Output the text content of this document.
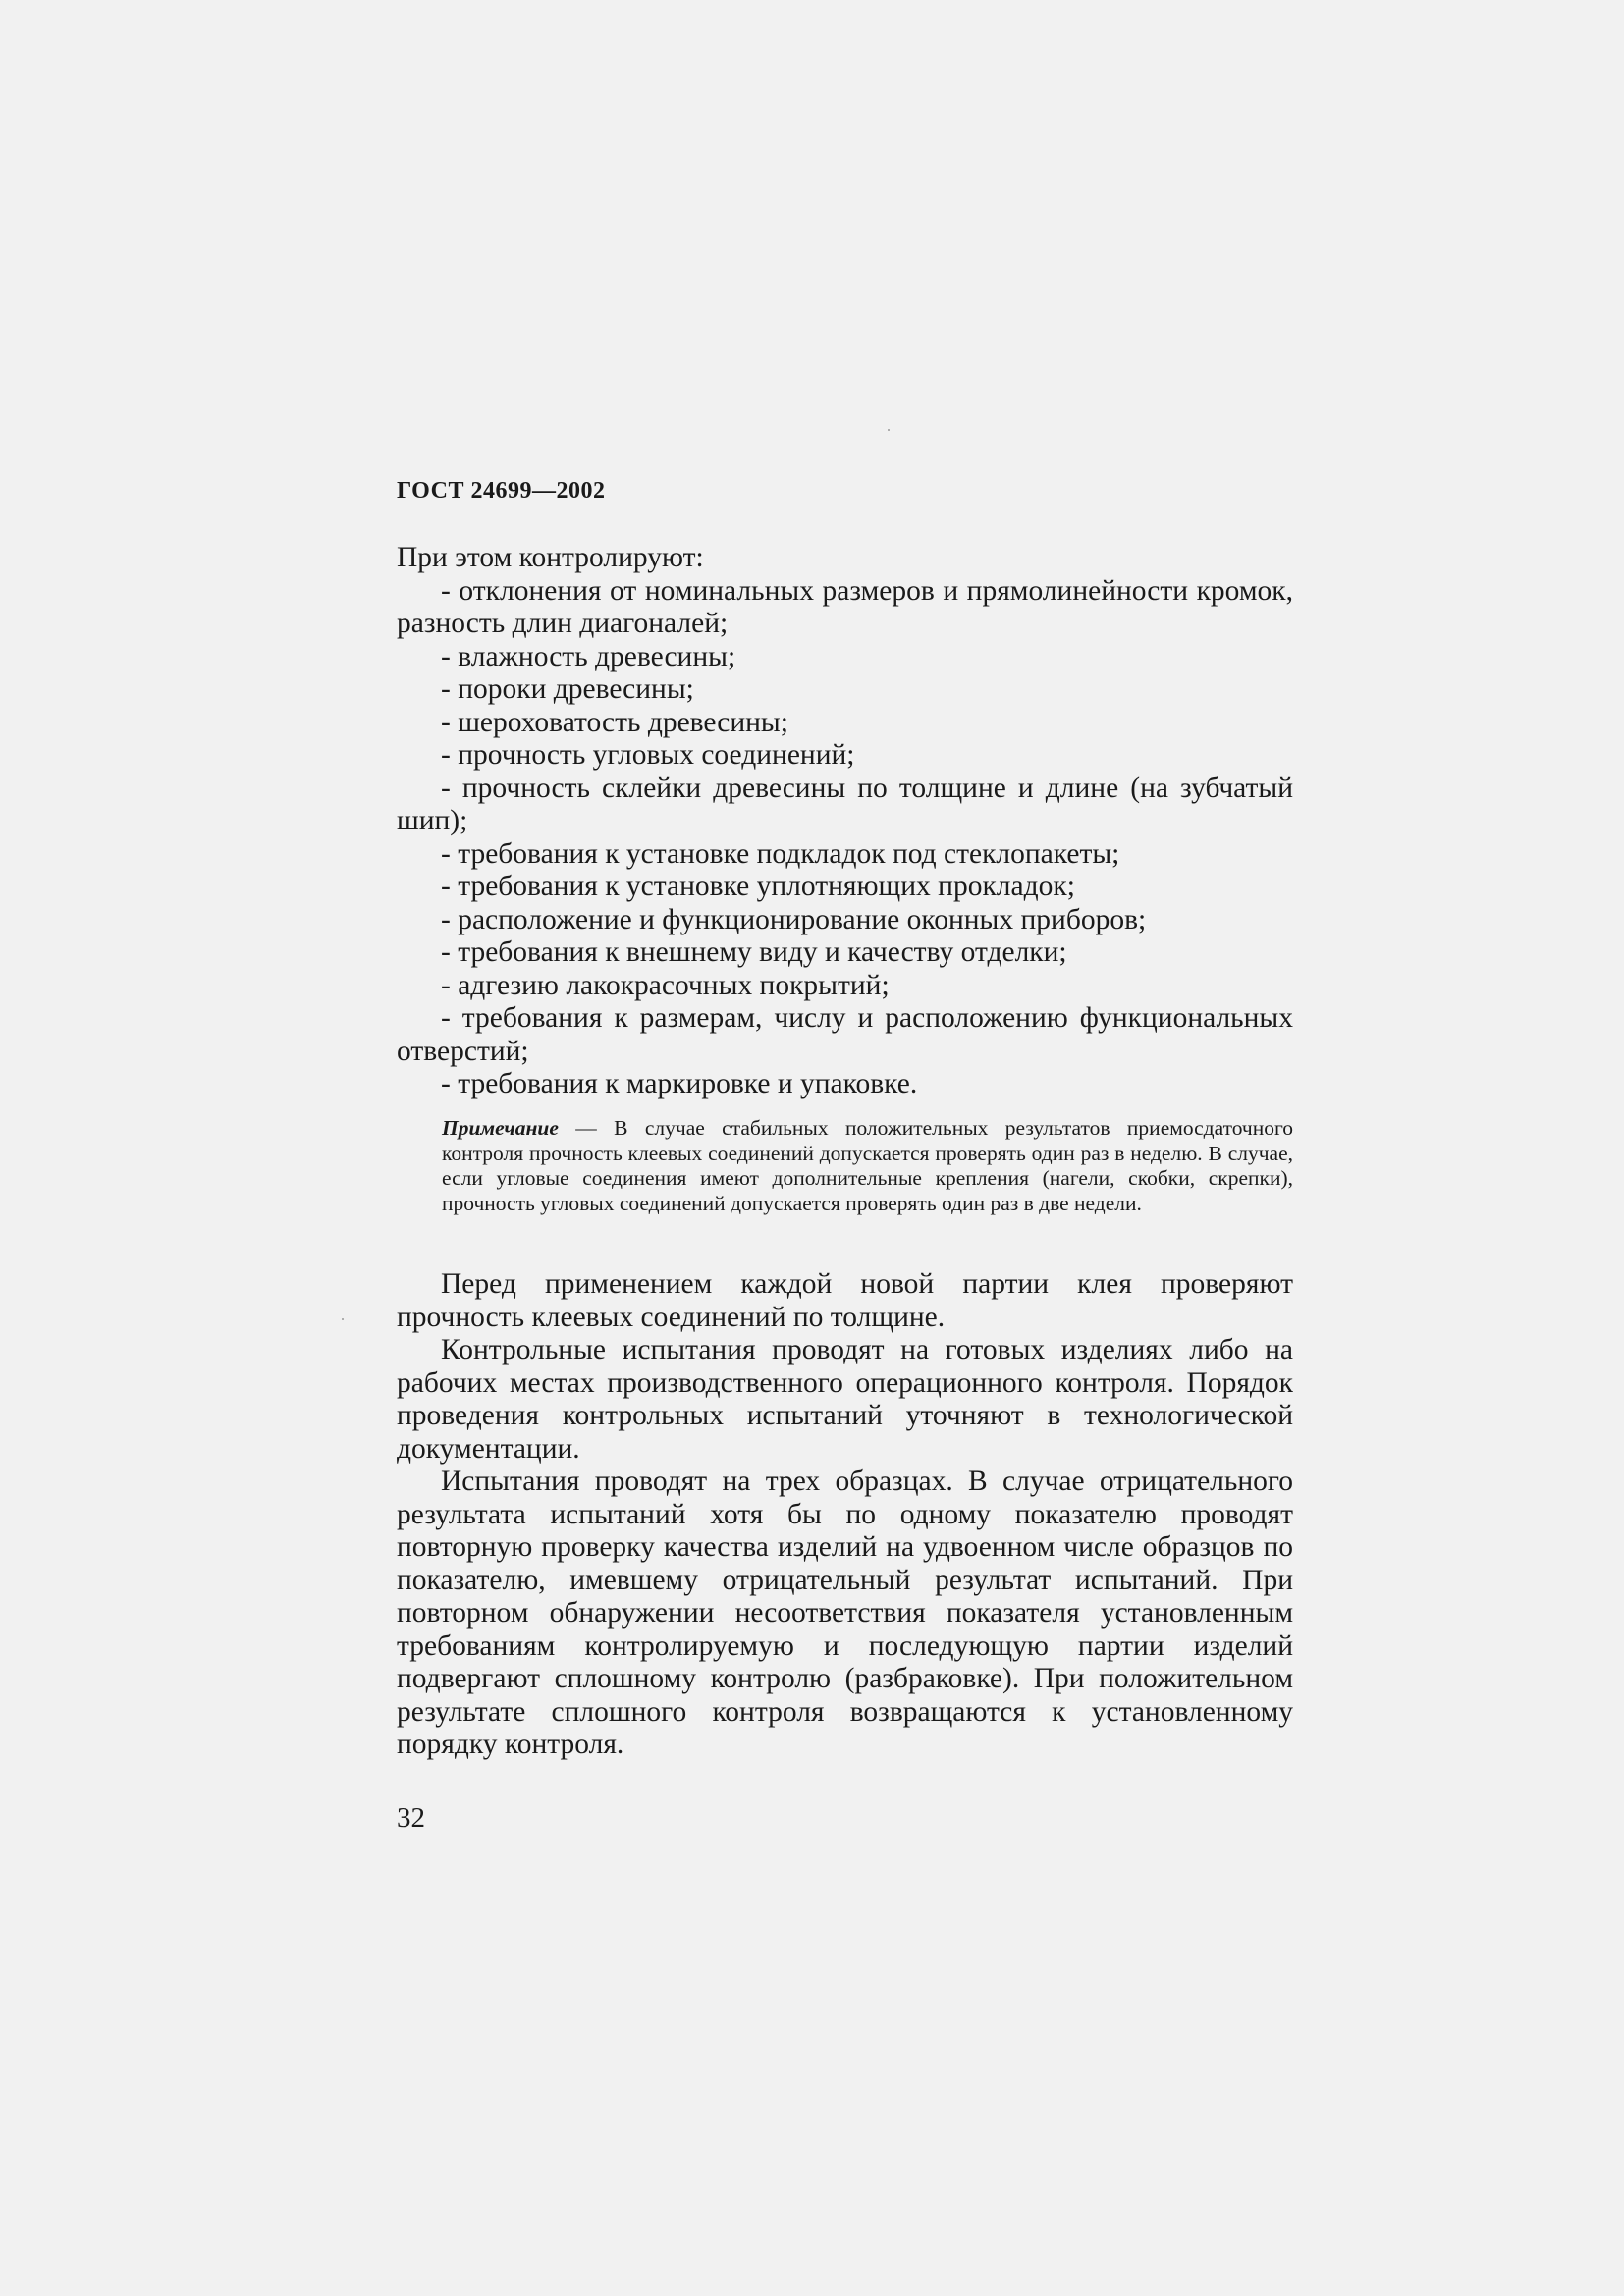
ГОСТ 24699—2002

При этом контролируют:

- отклонения от номинальных размеров и прямолинейности кромок, разность длин диагоналей;

- влажность древесины;

- пороки древесины;

- шероховатость древесины;

- прочность угловых соединений;

- прочность склейки древесины по толщине и длине (на зубчатый шип);

- требования к установке подкладок под стеклопакеты;

- требования к установке уплотняющих прокладок;

- расположение и функционирование оконных приборов;

- требования к внешнему виду и качеству отделки;

- адгезию лакокрасочных покрытий;

- требования к размерам, числу и расположению функциональных отверстий;

- требования к маркировке и упаковке.

Примечание — В случае стабильных положительных результатов приемосдаточного контроля прочность клеевых соединений допускается проверять один раз в неделю. В случае, если угловые соединения имеют дополнительные крепления (нагели, скобки, скрепки), прочность угловых соединений допускается проверять один раз в две недели.

Перед применением каждой новой партии клея проверяют прочность клеевых соединений по толщине.

Контрольные испытания проводят на готовых изделиях либо на рабочих местах производственного операционного контроля. Порядок проведения контрольных испытаний уточняют в технологической документации.

Испытания проводят на трех образцах. В случае отрицательного результата испытаний хотя бы по одному показателю проводят повторную проверку качества изделий на удвоенном числе образцов по показателю, имевшему отрицательный результат испытаний. При повторном обнаружении несоответствия показателя установленным требованиям контролируемую и последующую партии изделий подвергают сплошному контролю (разбраковке). При положительном результате сплошного контроля возвращаются к установленному порядку контроля.

32
